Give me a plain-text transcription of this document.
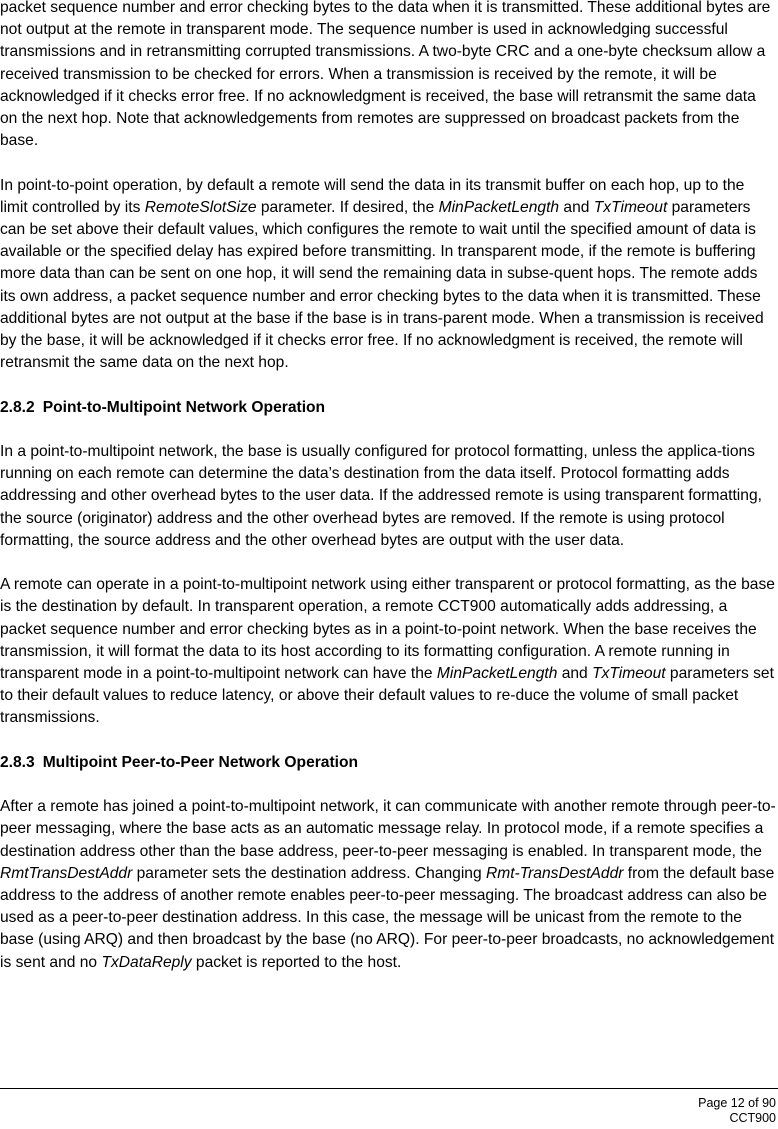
packet sequence number and error checking bytes to the data when it is transmitted. These additional bytes are not output at the remote in transparent mode. The sequence number is used in acknowledging successful transmissions and in retransmitting corrupted transmissions. A two-byte CRC and a one-byte checksum allow a received transmission to be checked for errors. When a transmission is received by the remote, it will be acknowledged if it checks error free. If no acknowledgment is received, the base will retransmit the same data on the next hop. Note that acknowledgements from remotes are suppressed on broadcast packets from the base.

In point-to-point operation, by default a remote will send the data in its transmit buffer on each hop, up to the limit controlled by its RemoteSlotSize parameter. If desired, the MinPacketLength and TxTimeout parameters can be set above their default values, which configures the remote to wait until the specified amount of data is available or the specified delay has expired before transmitting. In transparent mode, if the remote is buffering more data than can be sent on one hop, it will send the remaining data in subse-quent hops. The remote adds its own address, a packet sequence number and error checking bytes to the data when it is transmitted. These additional bytes are not output at the base if the base is in trans-parent mode. When a transmission is received by the base, it will be acknowledged if it checks error free. If no acknowledgment is received, the remote will retransmit the same data on the next hop.

2.8.2 Point-to-Multipoint Network Operation

In a point-to-multipoint network, the base is usually configured for protocol formatting, unless the applica-tions running on each remote can determine the data’s destination from the data itself. Protocol formatting adds addressing and other overhead bytes to the user data. If the addressed remote is using transparent formatting, the source (originator) address and the other overhead bytes are removed. If the remote is using protocol formatting, the source address and the other overhead bytes are output with the user data.

A remote can operate in a point-to-multipoint network using either transparent or protocol formatting, as the base is the destination by default. In transparent operation, a remote CCT900 automatically adds addressing, a packet sequence number and error checking bytes as in a point-to-point network. When the base receives the transmission, it will format the data to its host according to its formatting configuration. A remote running in transparent mode in a point-to-multipoint network can have the MinPacketLength and TxTimeout parameters set to their default values to reduce latency, or above their default values to re-duce the volume of small packet transmissions.

2.8.3 Multipoint Peer-to-Peer Network Operation

After a remote has joined a point-to-multipoint network, it can communicate with another remote through peer-to-peer messaging, where the base acts as an automatic message relay. In protocol mode, if a remote specifies a destination address other than the base address, peer-to-peer messaging is enabled. In transparent mode, the RmtTransDestAddr parameter sets the destination address. Changing Rmt-TransDestAddr from the default base address to the address of another remote enables peer-to-peer messaging. The broadcast address can also be used as a peer-to-peer destination address. In this case, the message will be unicast from the remote to the base (using ARQ) and then broadcast by the base (no ARQ). For peer-to-peer broadcasts, no acknowledgement is sent and no TxDataReply packet is reported to the host.

Page 12 of 90
CCT900
